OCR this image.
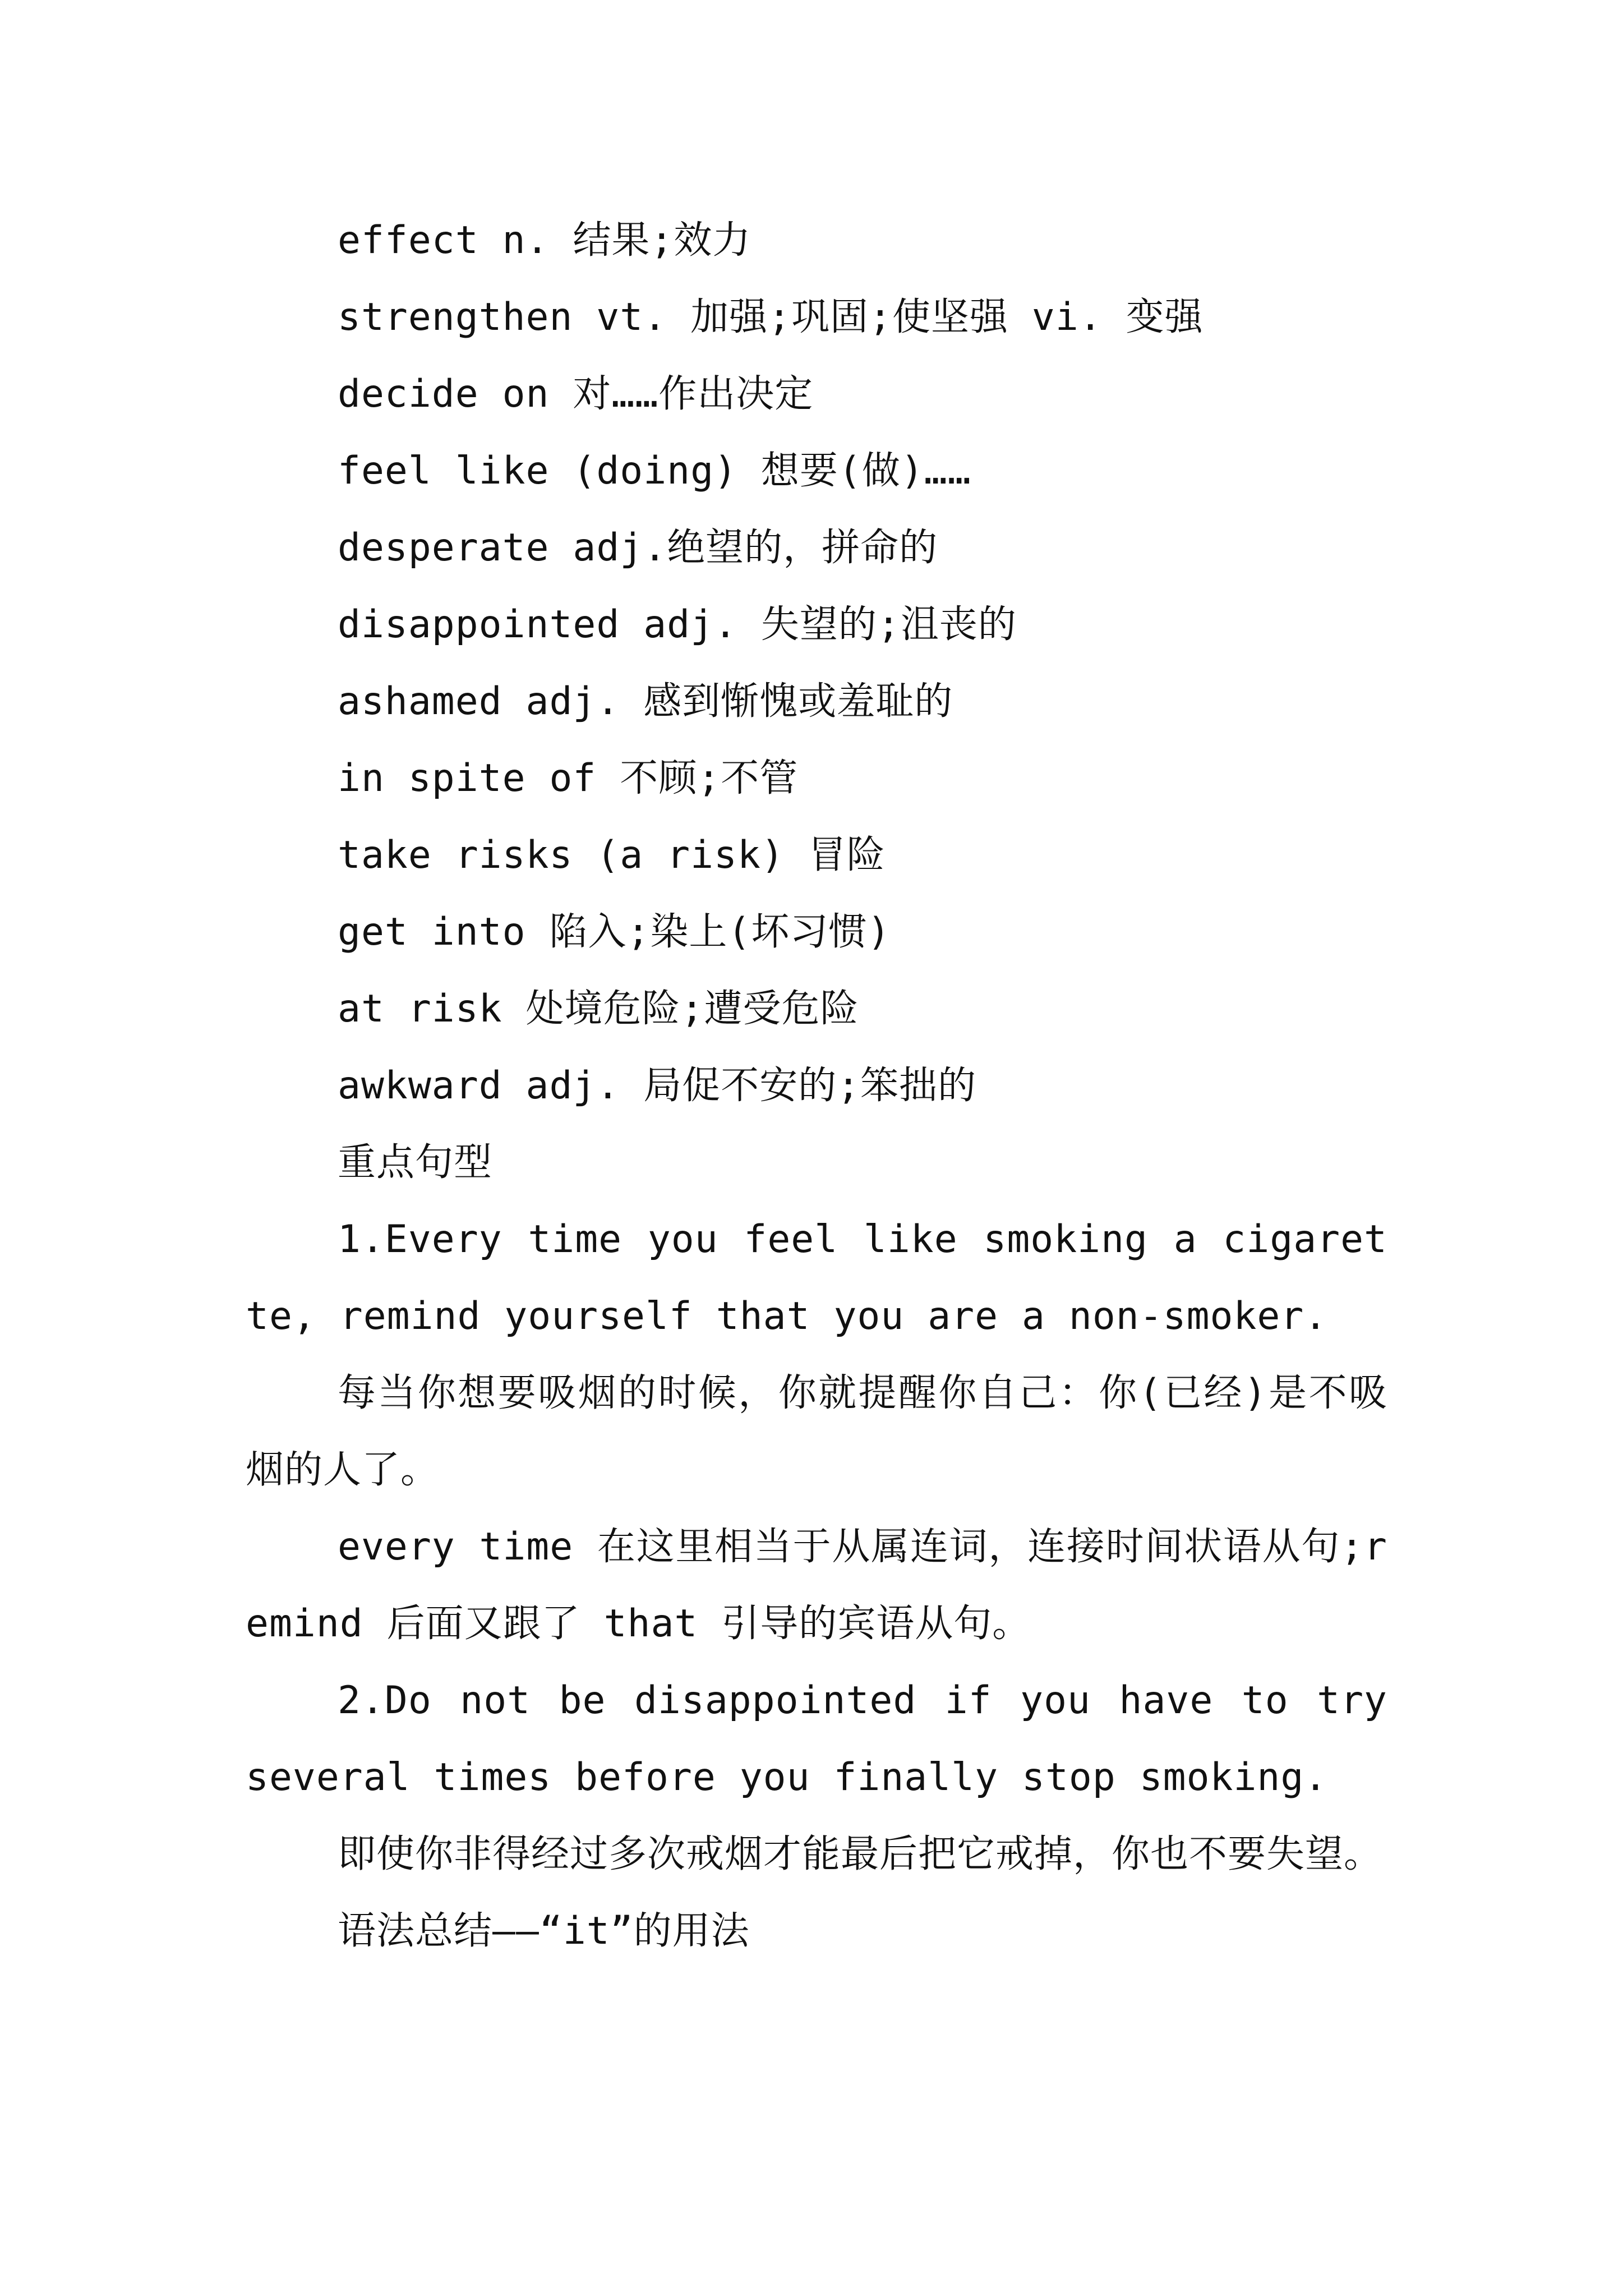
effect n. 结果;效力
strengthen vt. 加强;巩固;使坚强 vi. 变强
decide on 对……作出决定
feel like (doing) 想要(做)……
desperate adj.绝望的，拼命的
disappointed adj. 失望的;沮丧的
ashamed adj. 感到惭愧或羞耻的
in spite of 不顾;不管
take risks (a risk) 冒险
get into 陷入;染上(坏习惯)
at risk 处境危险;遭受危险
awkward adj. 局促不安的;笨拙的
重点句型
1.Every time you feel like smoking a cigarette, remind yourself that you are a non-smoker.
每当你想要吸烟的时候，你就提醒你自己：你(已经)是不吸烟的人了。
every time 在这里相当于从属连词，连接时间状语从句;remind 后面又跟了 that 引导的宾语从句。
2.Do not be disappointed if you have to try several times before you finally stop smoking.
即使你非得经过多次戒烟才能最后把它戒掉，你也不要失望。
语法总结——“it”的用法
